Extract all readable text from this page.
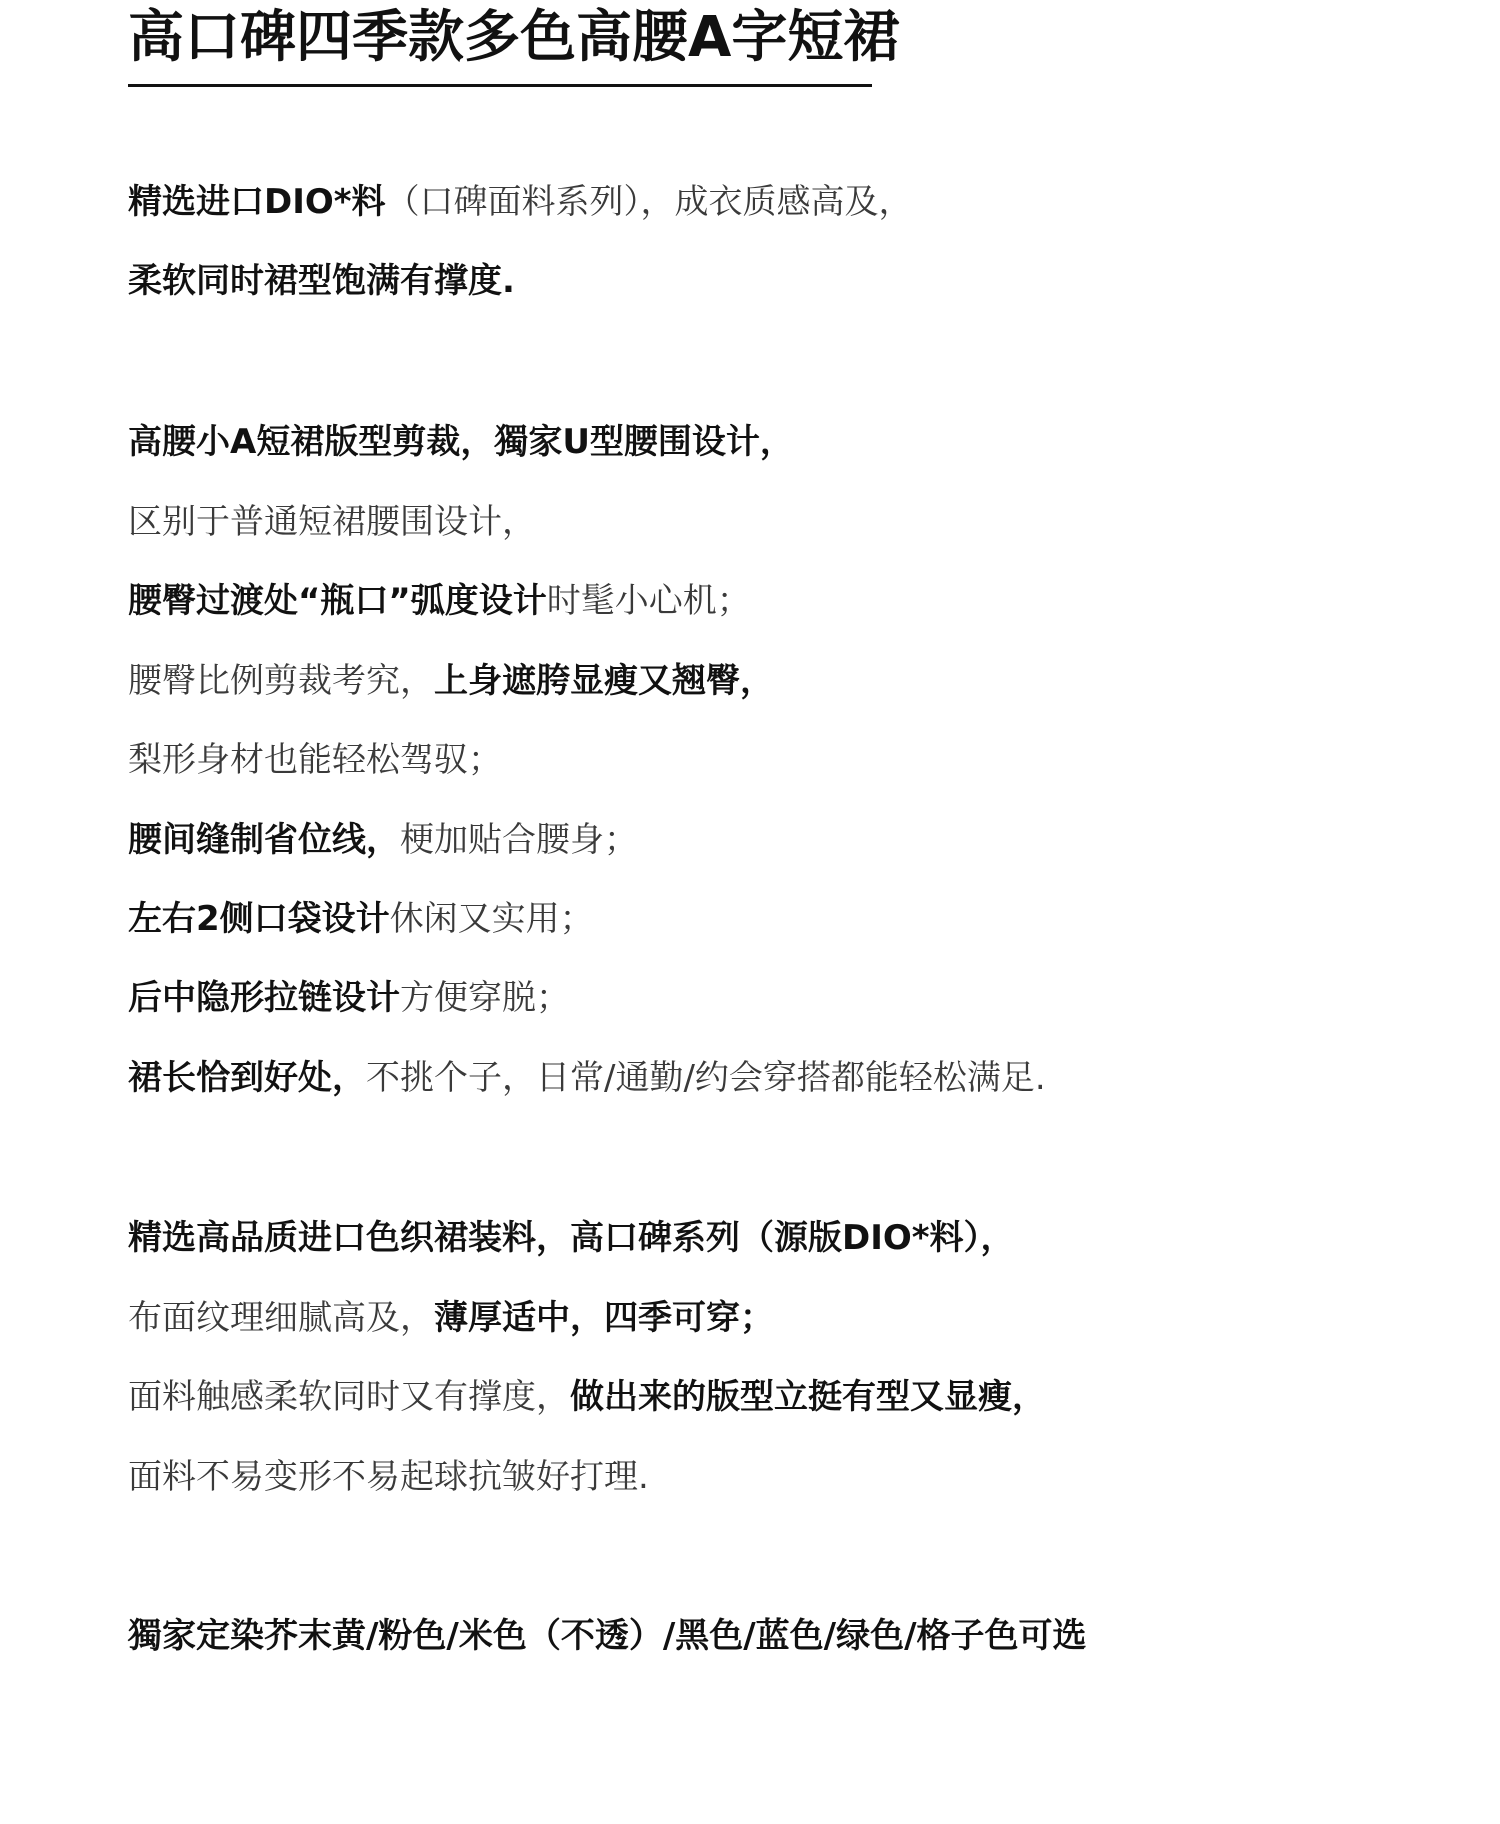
高口碑四季款多色高腰A字短裙
精选进口DIO*料（口碑面料系列），成衣质感高及，
柔软同时裙型饱满有撑度.
高腰小A短裙版型剪裁，獨家U型腰围设计，
区别于普通短裙腰围设计，
腰臀过渡处“瓶口”弧度设计时髦小心机；
腰臀比例剪裁考究，上身遮胯显瘦又翘臀，
梨形身材也能轻松驾驭；
腰间缝制省位线，梗加贴合腰身；
左右2侧口袋设计休闲又实用；
后中隐形拉链设计方便穿脱；
裙长恰到好处，不挑个子，日常/通勤/约会穿搭都能轻松满足.
精选高品质进口色织裙装料，高口碑系列（源版DIO*料），
布面纹理细腻高及，薄厚适中，四季可穿；
面料触感柔软同时又有撑度，做出来的版型立挺有型又显瘦，
面料不易变形不易起球抗皱好打理.
獨家定染芥末黄/粉色/米色（不透）/黑色/蓝色/绿色/格子色可选
